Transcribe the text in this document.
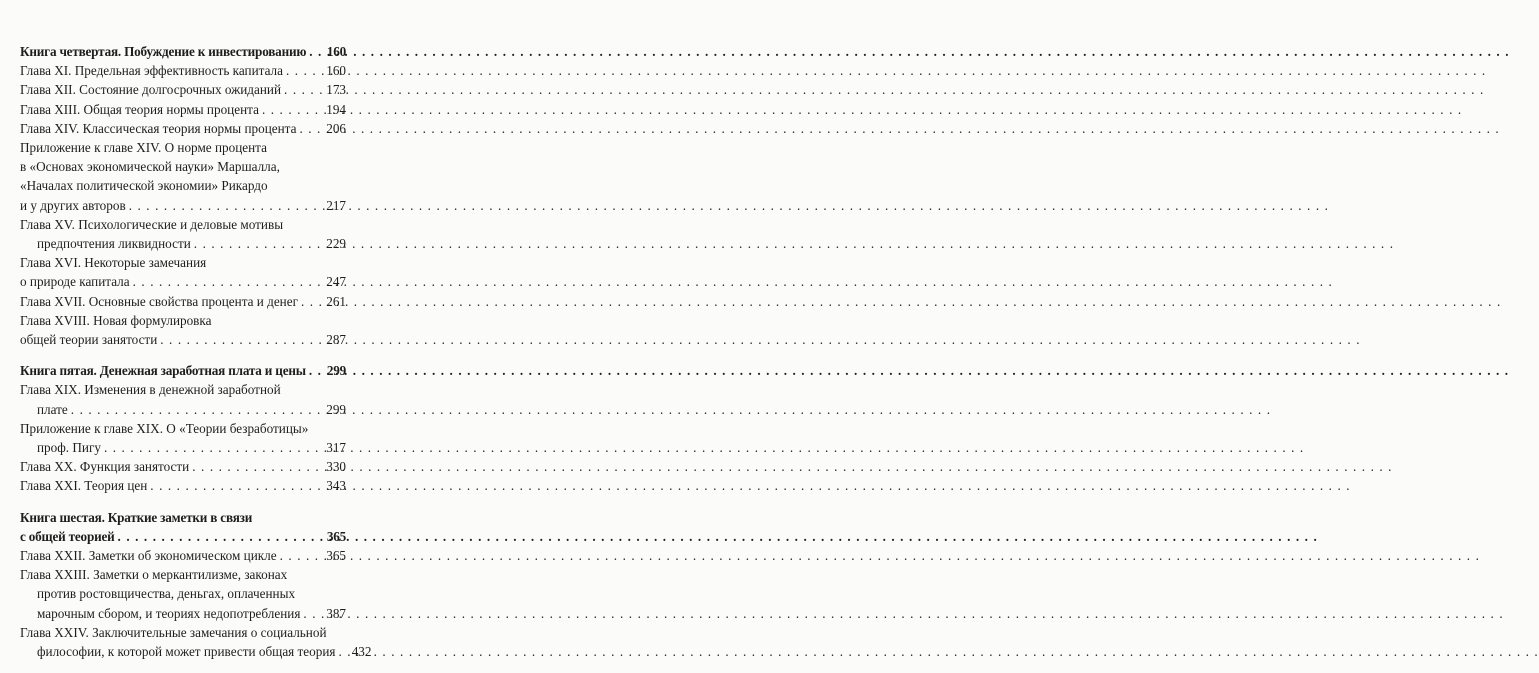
Книга четвертая. Побуждение к инвестированию . . . 160
Глава XI. Предельная эффективность капитала . . .	160
Глава XII. Состояние долгосрочных ожиданий . . .	173
Глава XIII. Общая теория нормы процента . . .	194
Глава XIV. Классическая теория нормы процента . . . 206
Приложение к главе XIV. О норме процента
в «Основах экономической науки» Маршалла,
«Началах политической экономии» Рикардо
и у других авторов . . .	217
Глава XV. Психологические и деловые мотивы
предпочтения ликвидности . . .	229
Глава XVI. Некоторые замечания
о природе капитала . . .	247
Глава XVII. Основные свойства процента и денег . . . 261
Глава XVIII. Новая формулировка
общей теории занятости . . .	287
Книга пятая. Денежная заработная плата и цены . . . 299
Глава XIX. Изменения в денежной заработной
плате . . .	299
Приложение к главе XIX. О «Теории безработицы»
проф. Пигу . . .	317
Глава XX. Функция занятости . . .	330
Глава XXI. Теория цен . . .	343
Книга шестая. Краткие заметки в связи
с общей теорией . . .	365
Глава XXII. Заметки об экономическом цикле . . .	365
Глава XXIII. Заметки о меркантилизме, законах
против ростовщичества, деньгах, оплаченных
марочным сбором, и теориях недопотребления . . . 387
Глава XXIV. Заключительные замечания о социальной
философии, к которой может привести общая теория . . . 432
